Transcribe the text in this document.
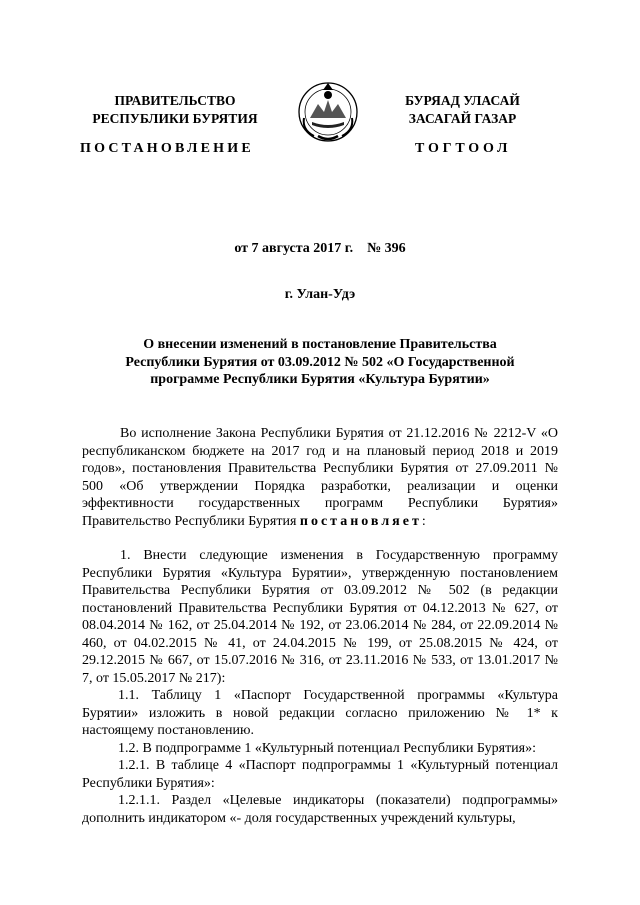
ПРАВИТЕЛЬСТВО
РЕСПУБЛИКИ БУРЯТИЯ
БУРЯАД УЛАСАЙ
ЗАСАГАЙ ГАЗАР
ПОСТАНОВЛЕНИЕ	ТОГТООЛ
от 7 августа 2017 г.    № 396
г. Улан-Удэ
О внесении изменений в постановление Правительства
Республики Бурятия от 03.09.2012 № 502 «О Государственной
программе Республики Бурятия «Культура Бурятии»

Во исполнение Закона Республики Бурятия от 21.12.2016 № 2212-V «О республиканском бюджете на 2017 год и на плановый период 2018 и 2019 годов», постановления Правительства Республики Бурятия от 27.09.2011 № 500 «Об утверждении Порядка разработки, реализации и оценки эффективности государственных программ Республики Бурятия» Правительство Республики Бурятия постановляет:

1. Внести следующие изменения в Государственную программу Республики Бурятия «Культура Бурятии», утвержденную постановлением Правительства Республики Бурятия от 03.09.2012 № 502 (в редакции постановлений Правительства Республики Бурятия от 04.12.2013 № 627, от 08.04.2014 № 162, от 25.04.2014 № 192, от 23.06.2014 № 284, от 22.09.2014 № 460, от 04.02.2015 № 41, от 24.04.2015 № 199, от 25.08.2015 № 424, от 29.12.2015 № 667, от 15.07.2016 № 316, от 23.11.2016 № 533, от 13.01.2017 № 7, от 15.05.2017 № 217):

1.1. Таблицу 1 «Паспорт Государственной программы «Культура Бурятии» изложить в новой редакции согласно приложению № 1* к настоящему постановлению.

1.2. В подпрограмме 1 «Культурный потенциал Республики Бурятия»:

1.2.1. В таблице 4 «Паспорт подпрограммы 1 «Культурный потенциал Республики Бурятия»:

1.2.1.1. Раздел «Целевые индикаторы (показатели) подпрограммы» дополнить индикатором «- доля государственных учреждений культуры,
